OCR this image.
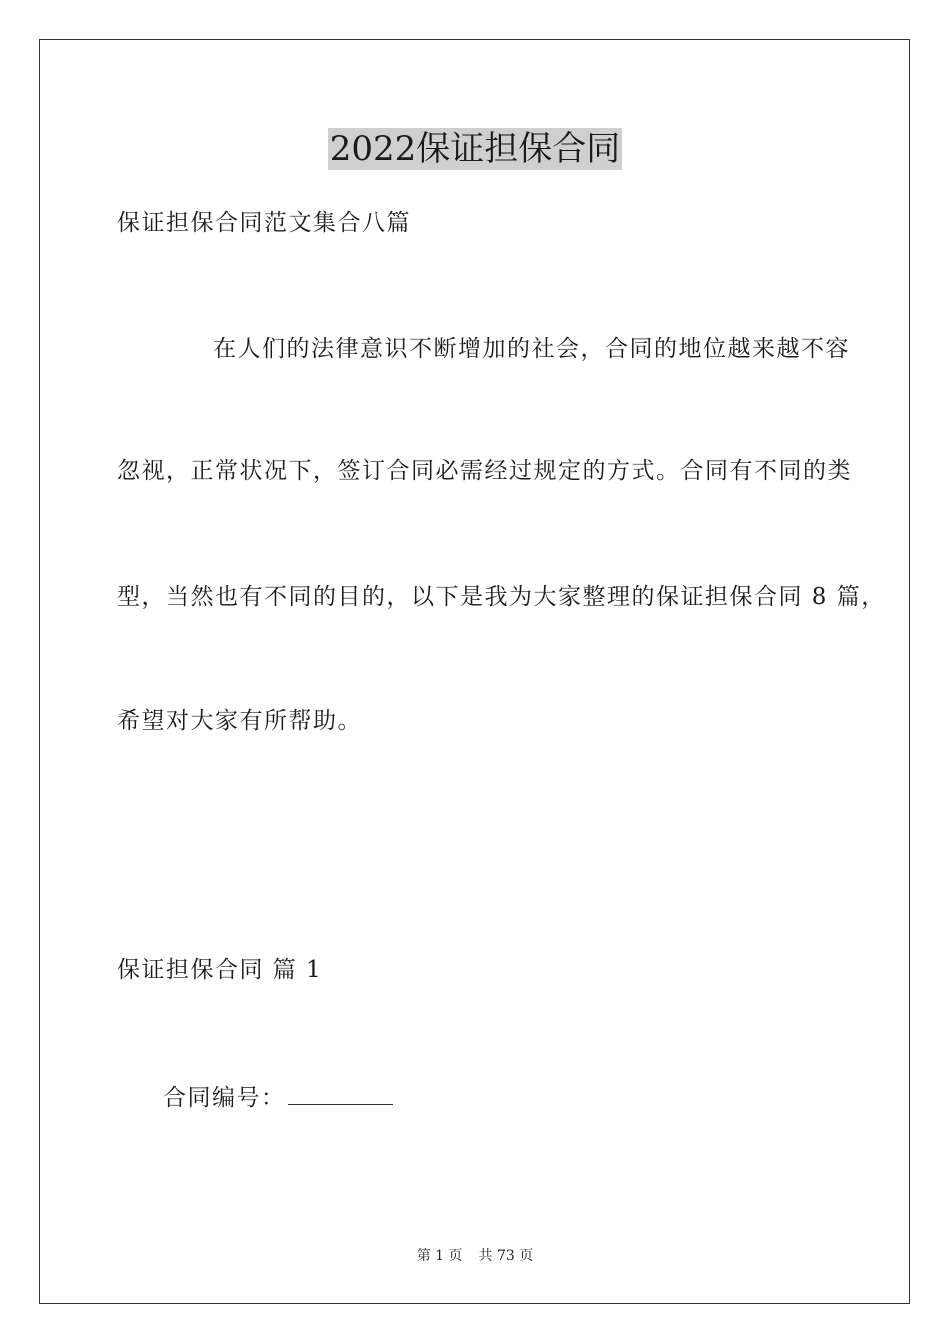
2022保证担保合同
保证担保合同范文集合八篇
在人们的法律意识不断增加的社会，合同的地位越来越不容
忽视，正常状况下，签订合同必需经过规定的方式。合同有不同的类
型，当然也有不同的目的，以下是我为大家整理的保证担保合同 8 篇，
希望对大家有所帮助。
保证担保合同 篇 1
合同编号：
第 1 页 共 73 页
